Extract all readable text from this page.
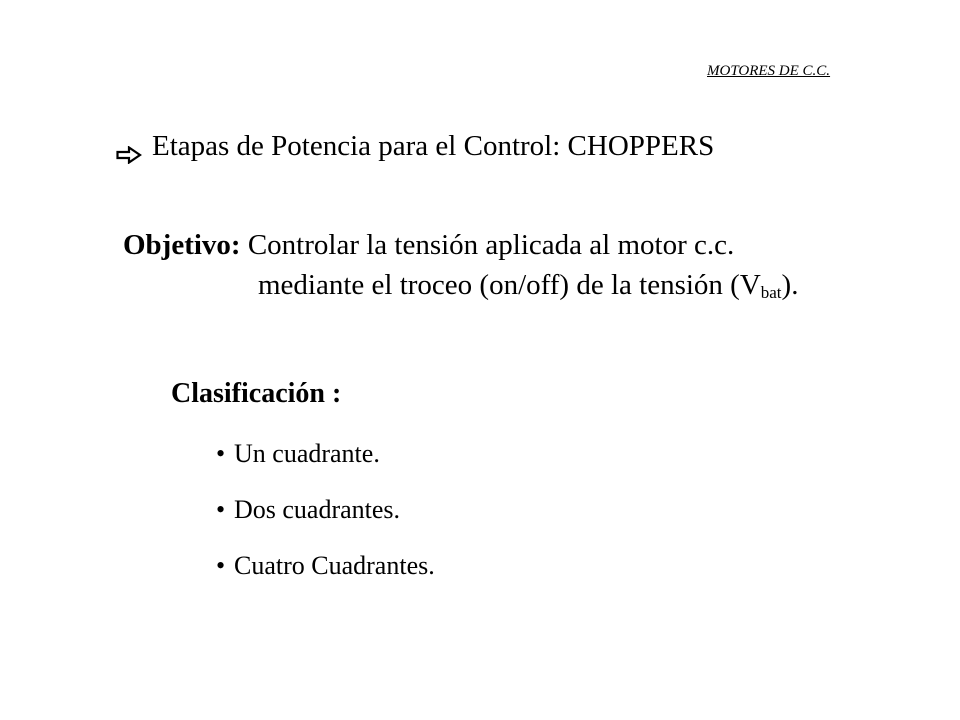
MOTORES DE C.C.
Etapas de Potencia para el Control: CHOPPERS
Objetivo: Controlar la tensión aplicada al motor c.c.
mediante el troceo (on/off) de la tensión $(V_{bat})$.
Clasificación :
• Un cuadrante.
• Dos cuadrantes.
• Cuatro Cuadrantes.
